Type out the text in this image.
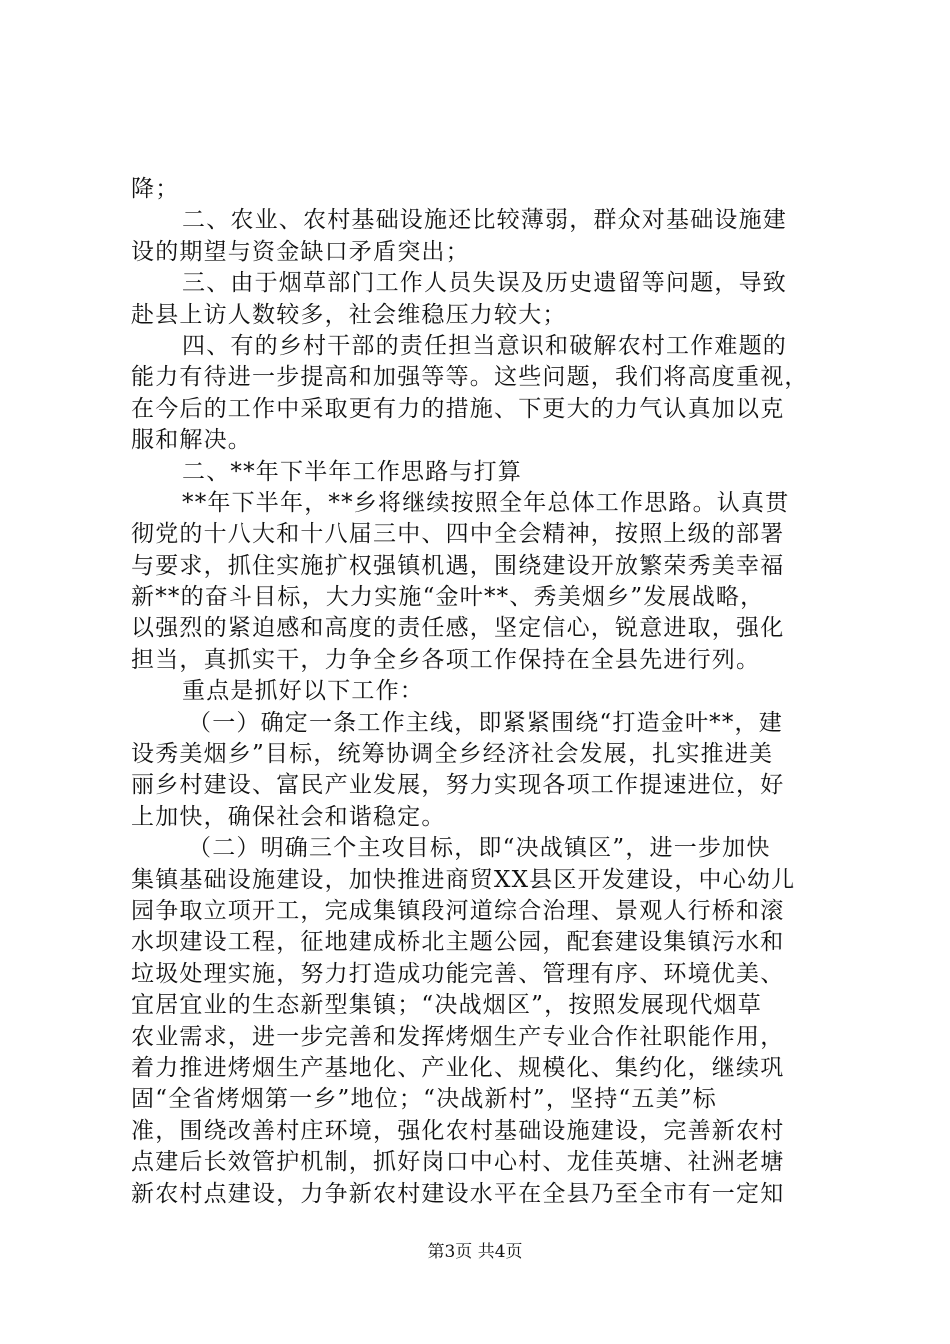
降；
二、农业、农村基础设施还比较薄弱，群众对基础设施建
设的期望与资金缺口矛盾突出；
三、由于烟草部门工作人员失误及历史遗留等问题，导致
赴县上访人数较多，社会维稳压力较大；
四、有的乡村干部的责任担当意识和破解农村工作难题的
能力有待进一步提高和加强等等。这些问题，我们将高度重视，
在今后的工作中采取更有力的措施、下更大的力气认真加以克
服和解决。
二、**年下半年工作思路与打算
**年下半年，**乡将继续按照全年总体工作思路。认真贯
彻党的十八大和十八届三中、四中全会精神，按照上级的部署
与要求，抓住实施扩权强镇机遇，围绕建设开放繁荣秀美幸福
新**的奋斗目标，大力实施“金叶**、秀美烟乡”发展战略，
以强烈的紧迫感和高度的责任感，坚定信心，锐意进取，强化
担当，真抓实干，力争全乡各项工作保持在全县先进行列。
重点是抓好以下工作：
（一）确定一条工作主线，即紧紧围绕“打造金叶**，建
设秀美烟乡”目标，统筹协调全乡经济社会发展，扎实推进美
丽乡村建设、富民产业发展，努力实现各项工作提速进位，好
上加快，确保社会和谐稳定。
（二）明确三个主攻目标，即“决战镇区”，进一步加快
集镇基础设施建设，加快推进商贸XX县区开发建设，中心幼儿
园争取立项开工，完成集镇段河道综合治理、景观人行桥和滚
水坝建设工程，征地建成桥北主题公园，配套建设集镇污水和
垃圾处理实施，努力打造成功能完善、管理有序、环境优美、
宜居宜业的生态新型集镇；“决战烟区”，按照发展现代烟草
农业需求，进一步完善和发挥烤烟生产专业合作社职能作用，
着力推进烤烟生产基地化、产业化、规模化、集约化，继续巩
固“全省烤烟第一乡”地位；“决战新村”，坚持“五美”标
准，围绕改善村庄环境，强化农村基础设施建设，完善新农村
点建后长效管护机制，抓好岗口中心村、龙佳英塘、社洲老塘
新农村点建设，力争新农村建设水平在全县乃至全市有一定知
第3页 共4页
